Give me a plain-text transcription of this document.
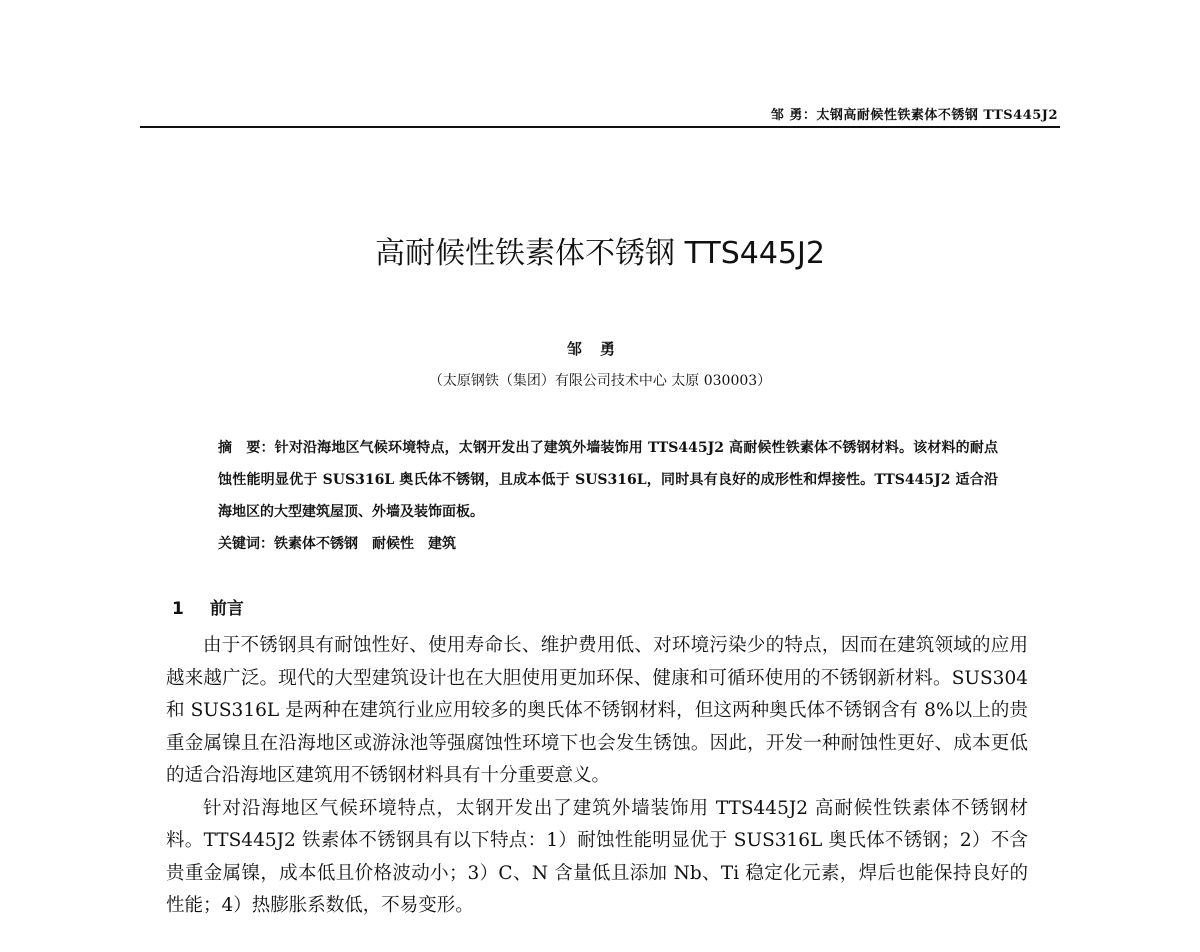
邹 勇：太钢高耐候性铁素体不锈钢 TTS445J2
高耐候性铁素体不锈钢 TTS445J2
邹勇
（太原钢铁（集团）有限公司技术中心 太原 030003）

摘　要：针对沿海地区气候环境特点，太钢开发出了建筑外墙装饰用 TTS445J2 高耐候性铁素体不锈钢材料。该材料的耐点蚀性能明显优于 SUS316L 奥氏体不锈钢，且成本低于 SUS316L，同时具有良好的成形性和焊接性。TTS445J2 适合沿海地区的大型建筑屋顶、外墙及装饰面板。

关键词：铁素体不锈钢　耐候性　建筑

1 前言

由于不锈钢具有耐蚀性好、使用寿命长、维护费用低、对环境污染少的特点，因而在建筑领域的应用越来越广泛。现代的大型建筑设计也在大胆使用更加环保、健康和可循环使用的不锈钢新材料。SUS304 和 SUS316L 是两种在建筑行业应用较多的奥氏体不锈钢材料，但这两种奥氏体不锈钢含有 8%以上的贵重金属镍且在沿海地区或游泳池等强腐蚀性环境下也会发生锈蚀。因此，开发一种耐蚀性更好、成本更低的适合沿海地区建筑用不锈钢材料具有十分重要意义。

针对沿海地区气候环境特点，太钢开发出了建筑外墙装饰用 TTS445J2 高耐候性铁素体不锈钢材料。TTS445J2 铁素体不锈钢具有以下特点：1）耐蚀性能明显优于 SUS316L 奥氏体不锈钢；2）不含贵重金属镍，成本低且价格波动小；3）C、N 含量低且添加 Nb、Ti 稳定化元素，焊后也能保持良好的性能；4）热膨胀系数低，不易变形。
